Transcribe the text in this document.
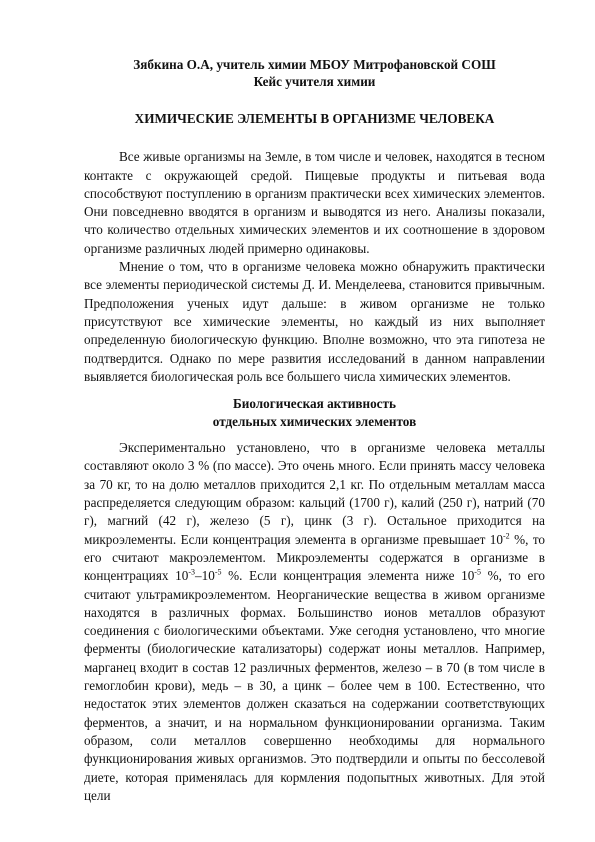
Зябкина О.А, учитель химии МБОУ Митрофановской СОШ
Кейс учителя химии
ХИМИЧЕСКИЕ ЭЛЕМЕНТЫ В ОРГАНИЗМЕ ЧЕЛОВЕКА

Все живые организмы на Земле, в том числе и человек, находятся в тесном контакте с окружающей средой. Пищевые продукты и питьевая вода способствуют поступлению в организм практически всех химических элементов. Они повседневно вводятся в организм и выводятся из него. Анализы показали, что количество отдельных химических элементов и их соотношение в здоровом организме различных людей примерно одинаковы.

Мнение о том, что в организме человека можно обнаружить практически все элементы периодической системы Д. И. Менделеева, становится привычным. Предположения ученых идут дальше: в живом организме не только присутствуют все химические элементы, но каждый из них выполняет определенную биологическую функцию. Вполне возможно, что эта гипотеза не подтвердится. Однако по мере развития исследований в данном направлении выявляется биологическая роль все большего числа химических элементов.

Биологическая активность
отдельных химических элементов

Экспериментально установлено, что в организме человека металлы составляют около 3 % (по массе). Это очень много. Если принять массу человека за 70 кг, то на долю металлов приходится 2,1 кг. По отдельным металлам масса распределяется следующим образом: кальций (1700 г), калий (250 г), натрий (70 г), магний (42 г), железо (5 г), цинк (3 г). Остальное приходится на микроэлементы. Если концентрация элемента в организме превышает $10^{-2}$ %, то его считают макроэлементом. Микроэлементы содержатся в организме в концентрациях $10^{-3}-10^{-5}$ %. Если концентрация элемента ниже $10^{-5}$ %, то его считают ультрамикроэлементом. Неорганические вещества в живом организме находятся в различных формах. Большинство ионов металлов образуют соединения с биологическими объектами. Уже сегодня установлено, что многие ферменты (биологические катализаторы) содержат ионы металлов. Например, марганец входит в состав 12 различных ферментов, железо – в 70 (в том числе в гемоглобин крови), медь – в 30, а цинк – более чем в 100. Естественно, что недостаток этих элементов должен сказаться на содержании соответствующих ферментов, а значит, и на нормальном функционировании организма. Таким образом, соли металлов совершенно необходимы для нормального функционирования живых организмов. Это подтвердили и опыты по бессолевой диете, которая применялась для кормления подопытных животных. Для этой цели
